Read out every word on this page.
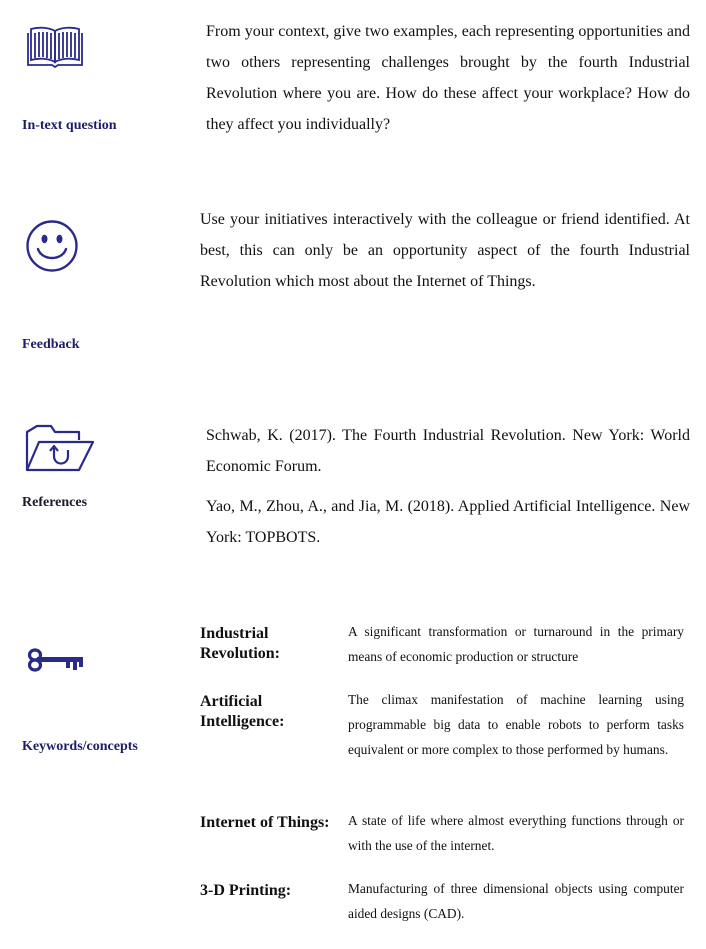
In-text question

From your context, give two examples, each representing opportunities and two others representing challenges brought by the fourth Industrial Revolution where you are. How do these affect your workplace? How do they affect you individually?

Feedback

Use your initiatives interactively with the colleague or friend identified. At best, this can only be an opportunity aspect of the fourth Industrial Revolution which most about the Internet of Things.

References

Schwab, K. (2017). The Fourth Industrial Revolution. New York: World Economic Forum.

Yao, M., Zhou, A., and Jia, M. (2018). Applied Artificial Intelligence. New York: TOPBOTS.

Keywords/concepts
Industrial Revolution:
A significant transformation or turnaround in the primary means of economic production or structure
Artificial Intelligence:
The climax manifestation of machine learning using programmable big data to enable robots to perform tasks equivalent or more complex to those performed by humans.
Internet of Things:	A state of life where almost everything functions through or with the use of the internet.
3-D Printing:	Manufacturing of three dimensional objects using computer aided designs (CAD).
